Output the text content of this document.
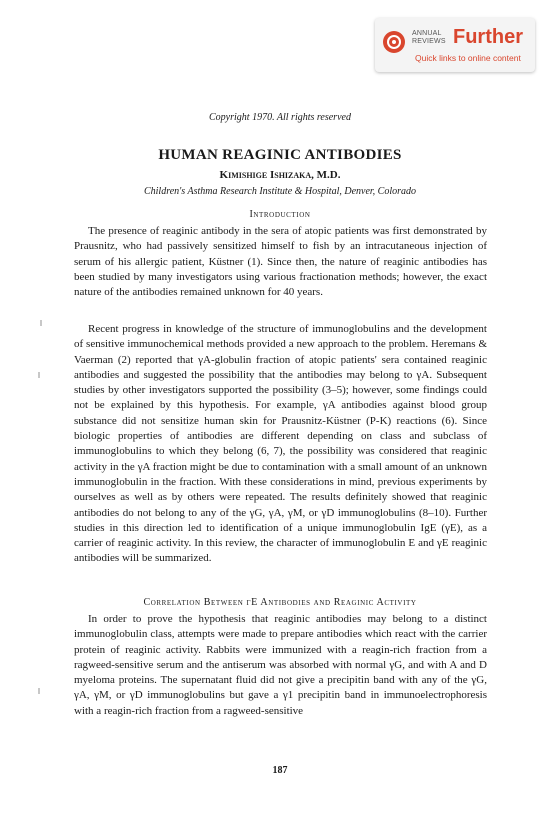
ANNUAL
REVIEWS Further
Quick links to online content
Copyright 1970. All rights reserved
HUMAN REAGINIC ANTIBODIES
Kimishige Ishizaka, M.D.
Children's Asthma Research Institute & Hospital, Denver, Colorado
Introduction

The presence of reaginic antibody in the sera of atopic patients was first demonstrated by Prausnitz, who had passively sensitized himself to fish by an intracutaneous injection of serum of his allergic patient, Küstner (1). Since then, the nature of reaginic antibodies has been studied by many investigators using various fractionation methods; however, the exact nature of the antibodies remained unknown for 40 years.

Recent progress in knowledge of the structure of immunoglobulins and the development of sensitive immunochemical methods provided a new approach to the problem. Heremans & Vaerman (2) reported that γA-globulin fraction of atopic patients' sera contained reaginic antibodies and suggested the possibility that the antibodies may belong to γA. Subsequent studies by other investigators supported the possibility (3–5); however, some findings could not be explained by this hypothesis. For example, γA antibodies against blood group substance did not sensitize human skin for Prausnitz-Küstner (P-K) reactions (6). Since biologic properties of antibodies are different depending on class and subclass of immunoglobulins to which they belong (6, 7), the possibility was considered that reaginic activity in the γA fraction might be due to contamination with a small amount of an unknown immunoglobulin in the fraction. With these considerations in mind, previous experiments by ourselves as well as by others were repeated. The results definitely showed that reaginic antibodies do not belong to any of the γG, γA, γM, or γD immunoglobulins (8–10). Further studies in this direction led to identification of a unique immunoglobulin IgE (γE), as a carrier of reaginic activity. In this review, the character of immunoglobulin E and γE reaginic antibodies will be summarized.

Correlation Between γE Antibodies and Reaginic Activity

In order to prove the hypothesis that reaginic antibodies may belong to a distinct immunoglobulin class, attempts were made to prepare antibodies which react with the carrier protein of reaginic activity. Rabbits were immunized with a reagin-rich fraction from a ragweed-sensitive serum and the antiserum was absorbed with normal γG, and with A and D myeloma proteins. The supernatant fluid did not give a precipitin band with any of the γG, γA, γM, or γD immunoglobulins but gave a γ1 precipitin band in immunoelectrophoresis with a reagin-rich fraction from a ragweed-sensitive

187
